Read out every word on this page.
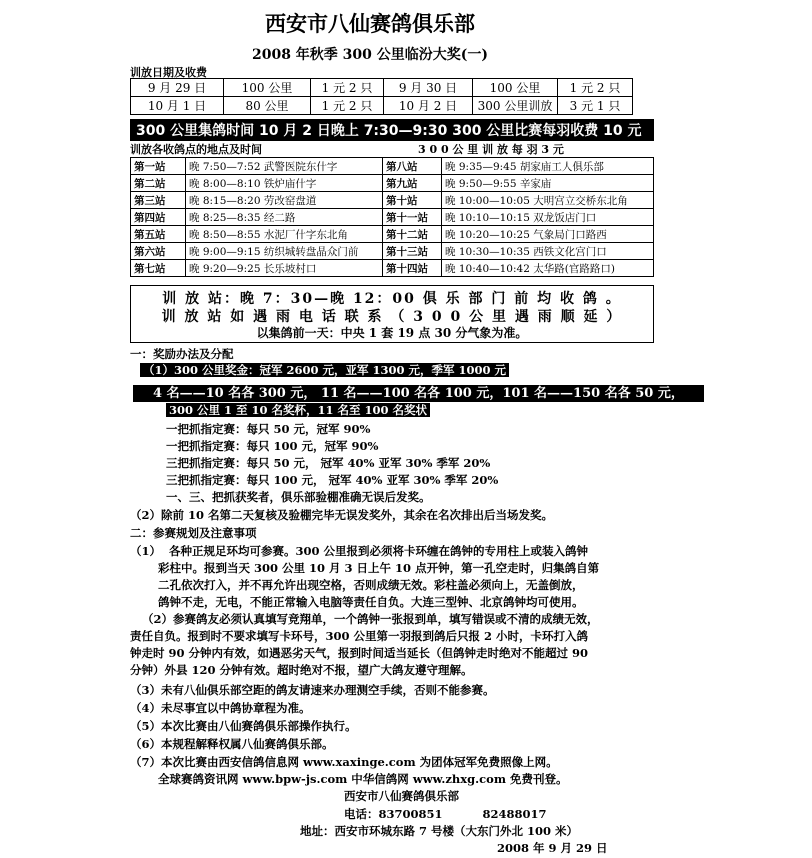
西安市八仙赛鸽俱乐部
2008 年秋季 300 公里临汾大奖(一)
训放日期及收费
9 月 29 日	100 公里	1 元 2 只	9 月 30 日	100 公里	1 元 2 只
10 月 1 日	80 公里	1 元 2 只	10 月 2 日	300 公里训放	3 元 1 只
300 公里集鸽时间 10 月 2 日晚上 7:30—9:30 300 公里比赛每羽收费 10 元
训放各收鸽点的地点及时间	3 0 0 公 里 训 放 每 羽 3 元
第一站	晚 7:50—7:52 武警医院东什字	第八站	晚 9:35—9:45 胡家庙工人俱乐部
第二站	晚 8:00—8:10 铁炉庙什字	第九站	晚 9:50—9:55 辛家庙
第三站	晚 8:15—8:20 劳改窑盘道	第十站	晚 10:00—10:05 大明宫立交桥东北角
第四站	晚 8:25—8:35 经二路	第十一站	晚 10:10—10:15 双龙饭店门口
第五站	晚 8:50—8:55 水泥厂什字东北角	第十二站	晚 10:20—10:25 气象局门口路西
第六站	晚 9:00—9:15 纺织城转盘晶众门前	第十三站	晚 10:30—10:35 西铁文化宫门口
第七站	晚 9:20—9:25 长乐坡村口	第十四站	晚 10:40—10:42 太华路(官路路口)
训 放 站：晚 7：30—晚 12：00 俱 乐 部 门 前 均 收 鸽 。
训 放 站 如 遇 雨 电 话 联 系 （ 3 0 0 公 里 遇 雨 顺 延 ）
以集鸽前一天：中央 1 套 19 点 30 分气象为准。
一：奖励办法及分配
（1）300 公里奖金：冠军 2600 元，亚军 1300 元，季军 1000 元
4 名——10 名各 300 元， 11 名——100 名各 100 元，101 名——150 名各 50 元，
300 公里 1 至 10 名奖杯，11 名至 100 名奖状
一把抓指定赛：每只 50 元，冠军 90%
一把抓指定赛：每只 100 元，冠军 90%
三把抓指定赛：每只 50 元， 冠军 40% 亚军 30% 季军 20%
三把抓指定赛：每只 100 元， 冠军 40% 亚军 30% 季军 20%
一、三、把抓获奖者，俱乐部验棚准确无误后发奖。
（2）除前 10 名第二天复核及验棚完毕无误发奖外，其余在名次排出后当场发奖。
二：参赛规划及注意事项
（1）  各种正规足环均可参赛。300 公里报到必须将卡环缠在鸽钟的专用柱上或装入鸽钟
彩柱中。报到当天 300 公里 10 月 3 日上午 10 点开钟，第一孔空走时，归集鸽自第
二孔依次打入，并不再允许出现空格，否则成绩无效。彩柱盖必须向上，无盖倒放，
鸽钟不走，无电，不能正常输入电脑等责任自负。大连三型钟、北京鸽钟均可使用。
（2）参赛鸽友必须认真填写竞翔单，一个鸽钟一张报到单，填写错误或不清的成绩无效，
责任自负。报到时不要求填写卡环号，300 公里第一羽报到鸽后只报 2 小时，卡环打入鸽
钟走时 90 分钟内有效，如遇恶劣天气，报到时间适当延长（但鸽钟走时绝对不能超过 90
分钟）外县 120 分钟有效。超时绝对不报，望广大鸽友遵守理解。
（3）未有八仙俱乐部空距的鸽友请速来办理测空手续，否则不能参赛。
（4）未尽事宜以中鸽协章程为准。
（5）本次比赛由八仙赛鸽俱乐部操作执行。
（6）本规程解释权属八仙赛鸽俱乐部。
（7）本次比赛由西安信鸽信息网 www.xaxinge.com 为团体冠军免费照像上网。
全球赛鸽资讯网 www.bpw-js.com 中华信鸽网 www.zhxg.com 免费刊登。
西安市八仙赛鸽俱乐部
电话：83700851          82488017
地址：西安市环城东路 7 号楼（大东门外北 100 米）
2008 年 9 月 29 日
